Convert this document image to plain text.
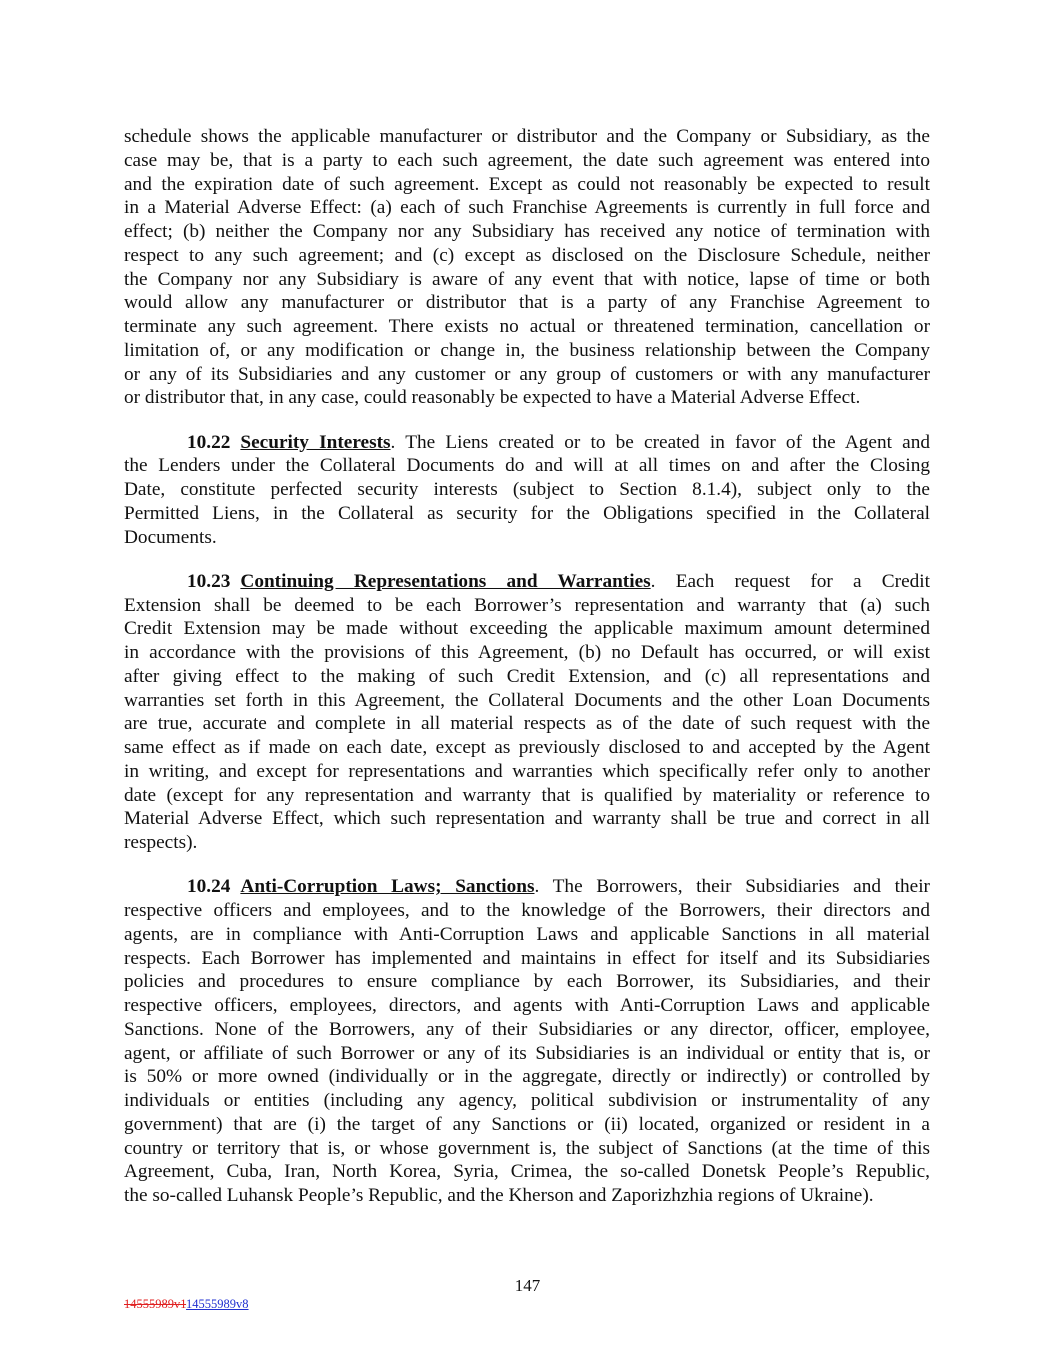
schedule shows the applicable manufacturer or distributor and the Company or Subsidiary, as the
case may be, that is a party to each such agreement, the date such agreement was entered into
and the expiration date of such agreement. Except as could not reasonably be expected to result
in a Material Adverse Effect: (a) each of such Franchise Agreements is currently in full force and
effect; (b) neither the Company nor any Subsidiary has received any notice of termination with
respect to any such agreement; and (c) except as disclosed on the Disclosure Schedule, neither
the Company nor any Subsidiary is aware of any event that with notice, lapse of time or both
would allow any manufacturer or distributor that is a party of any Franchise Agreement to
terminate any such agreement. There exists no actual or threatened termination, cancellation or
limitation of, or any modification or change in, the business relationship between the Company
or any of its Subsidiaries and any customer or any group of customers or with any manufacturer
or distributor that, in any case, could reasonably be expected to have a Material Adverse Effect.
10.22 Security Interests. The Liens created or to be created in favor of the Agent and
the Lenders under the Collateral Documents do and will at all times on and after the Closing
Date, constitute perfected security interests (subject to Section 8.1.4), subject only to the
Permitted Liens, in the Collateral as security for the Obligations specified in the Collateral
Documents.
10.23 Continuing Representations and Warranties. Each request for a Credit
Extension shall be deemed to be each Borrower’s representation and warranty that (a) such
Credit Extension may be made without exceeding the applicable maximum amount determined
in accordance with the provisions of this Agreement, (b) no Default has occurred, or will exist
after giving effect to the making of such Credit Extension, and (c) all representations and
warranties set forth in this Agreement, the Collateral Documents and the other Loan Documents
are true, accurate and complete in all material respects as of the date of such request with the
same effect as if made on each date, except as previously disclosed to and accepted by the Agent
in writing, and except for representations and warranties which specifically refer only to another
date (except for any representation and warranty that is qualified by materiality or reference to
Material Adverse Effect, which such representation and warranty shall be true and correct in all
respects).
10.24 Anti-Corruption Laws; Sanctions. The Borrowers, their Subsidiaries and their
respective officers and employees, and to the knowledge of the Borrowers, their directors and
agents, are in compliance with Anti-Corruption Laws and applicable Sanctions in all material
respects. Each Borrower has implemented and maintains in effect for itself and its Subsidiaries
policies and procedures to ensure compliance by each Borrower, its Subsidiaries, and their
respective officers, employees, directors, and agents with Anti-Corruption Laws and applicable
Sanctions. None of the Borrowers, any of their Subsidiaries or any director, officer, employee,
agent, or affiliate of such Borrower or any of its Subsidiaries is an individual or entity that is, or
is 50% or more owned (individually or in the aggregate, directly or indirectly) or controlled by
individuals or entities (including any agency, political subdivision or instrumentality of any
government) that are (i) the target of any Sanctions or (ii) located, organized or resident in a
country or territory that is, or whose government is, the subject of Sanctions (at the time of this
Agreement, Cuba, Iran, North Korea, Syria, Crimea, the so-called Donetsk People’s Republic,
the so-called Luhansk People’s Republic, and the Kherson and Zaporizhzhia regions of Ukraine).
147
14555989v114555989v8
